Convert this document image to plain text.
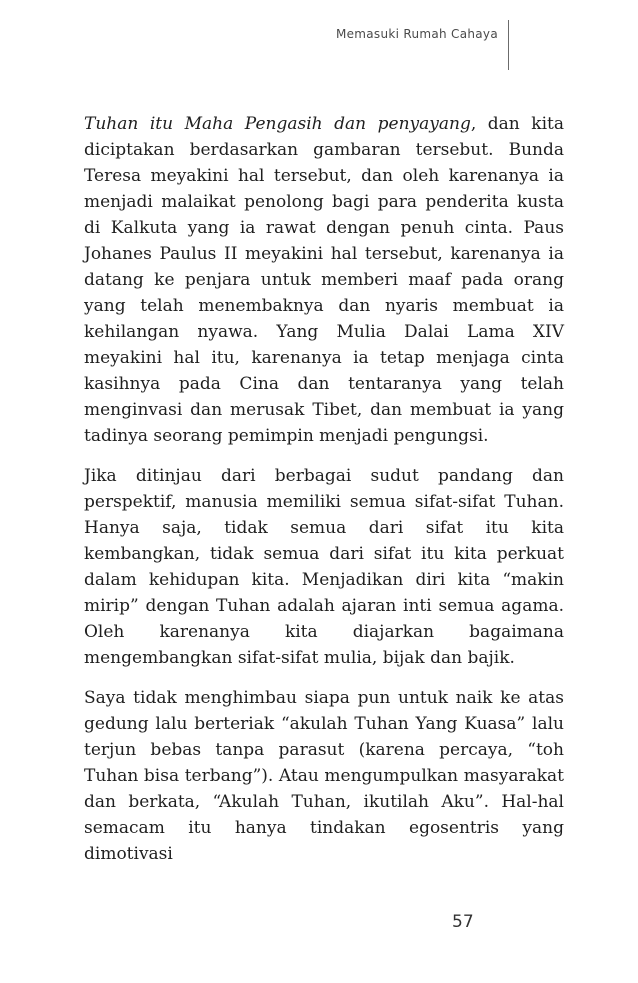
Memasuki Rumah Cahaya

Tuhan itu Maha Pengasih dan penyayang, dan kita diciptakan berdasarkan gambaran tersebut. Bunda Teresa meyakini hal tersebut, dan oleh karenanya ia menjadi malaikat penolong bagi para penderita kusta di Kalkuta yang ia rawat dengan penuh cinta. Paus Johanes Paulus II meyakini hal tersebut, karenanya ia datang ke penjara untuk memberi maaf pada orang yang telah menembaknya dan nyaris membuat ia kehilangan nyawa. Yang Mulia Dalai Lama XIV meyakini hal itu, karenanya ia tetap menjaga cinta kasihnya pada Cina dan tentaranya yang telah menginvasi dan merusak Tibet, dan membuat ia yang tadinya seorang pemimpin menjadi pengungsi.

Jika ditinjau dari berbagai sudut pandang dan perspektif, manusia memiliki semua sifat-sifat Tuhan. Hanya saja, tidak semua dari sifat itu kita kembangkan, tidak semua dari sifat itu kita perkuat dalam kehidupan kita. Menjadikan diri kita “makin mirip” dengan Tuhan adalah ajaran inti semua agama. Oleh karenanya kita diajarkan bagaimana mengembangkan sifat-sifat mulia, bijak dan bajik.

Saya tidak menghimbau siapa pun untuk naik ke atas gedung lalu berteriak “akulah Tuhan Yang Kuasa” lalu terjun bebas tanpa parasut (karena percaya, “toh Tuhan bisa terbang”). Atau mengumpulkan masyarakat dan berkata, “Akulah Tuhan, ikutilah Aku”. Hal-hal semacam itu hanya tindakan egosentris yang dimotivasi

57
